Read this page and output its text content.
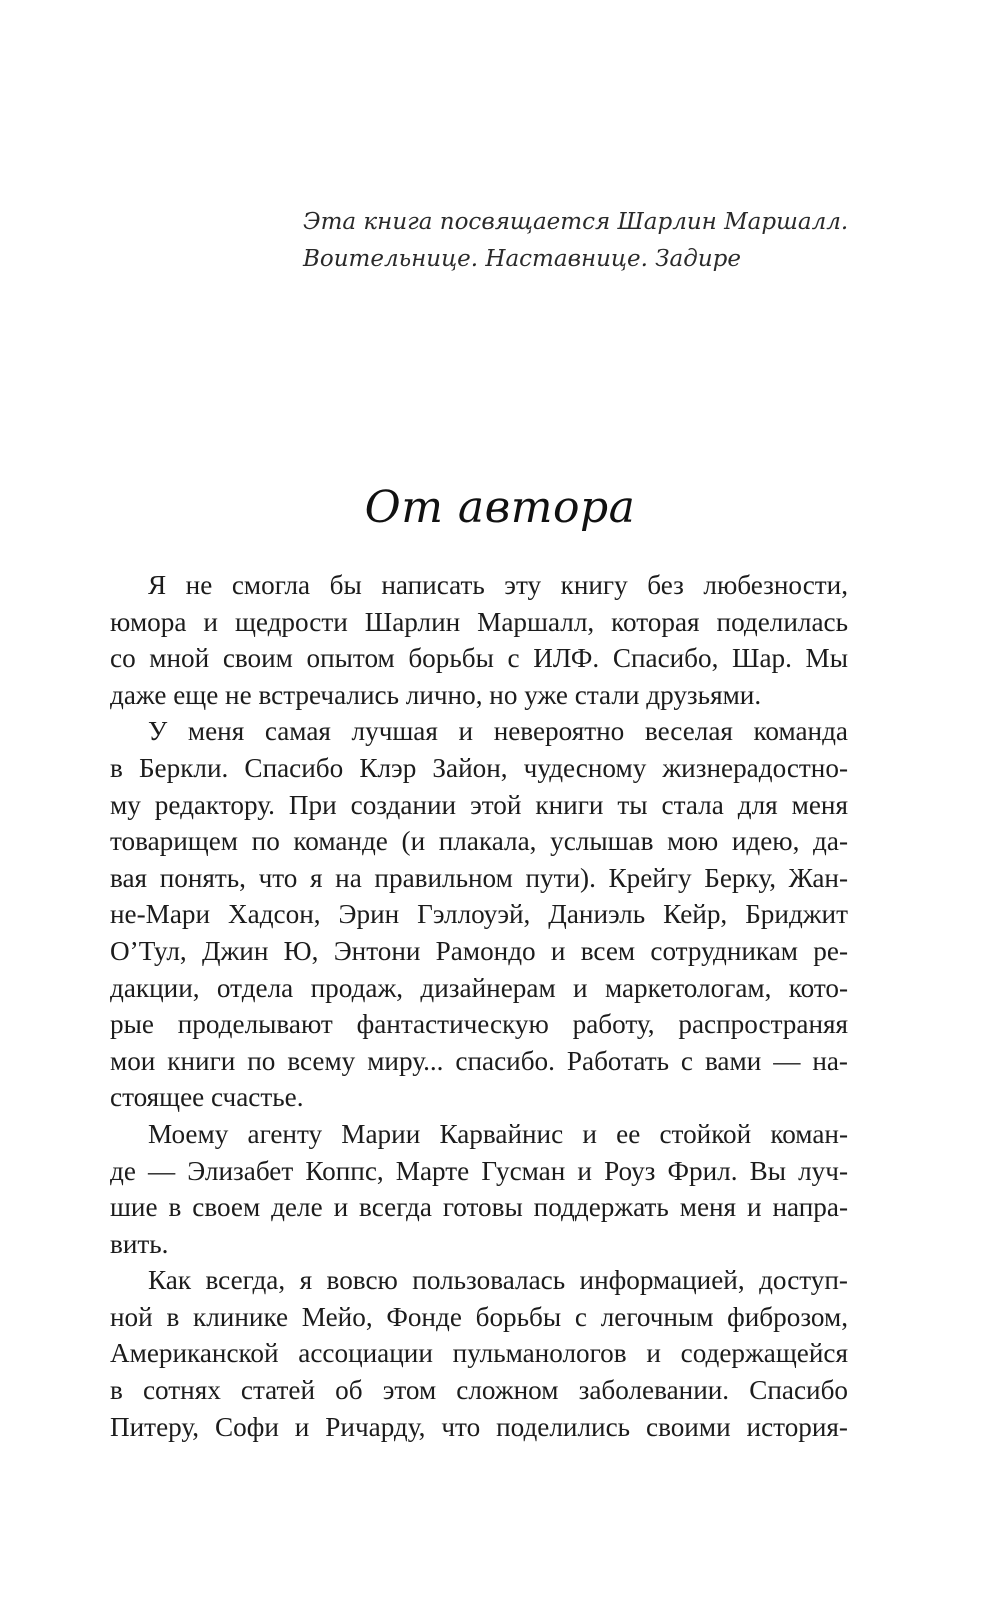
Эта книга посвящается Шарлин Маршалл.
Воительнице. Наставнице. Задире
От автора
Я не смогла бы написать эту книгу без любезности,
юмора и щедрости Шарлин Маршалл, которая поделилась
со мной своим опытом борьбы с ИЛФ. Спасибо, Шар. Мы
даже еще не встречались лично, но уже стали друзьями.
У меня самая лучшая и невероятно веселая команда
в Беркли. Спасибо Клэр Зайон, чудесному жизнерадостно-
му редактору. При создании этой книги ты стала для меня
товарищем по команде (и плакала, услышав мою идею, да-
вая понять, что я на правильном пути). Крейгу Берку, Жан-
не-Мари Хадсон, Эрин Гэллоуэй, Даниэль Кейр, Бриджит
О’Тул, Джин Ю, Энтони Рамондо и всем сотрудникам ре-
дакции, отдела продаж, дизайнерам и маркетологам, кото-
рые проделывают фантастическую работу, распространяя
мои книги по всему миру... спасибо. Работать с вами — на-
стоящее счастье.
Моему агенту Марии Карвайнис и ее стойкой коман-
де — Элизабет Коппс, Марте Гусман и Роуз Фрил. Вы луч-
шие в своем деле и всегда готовы поддержать меня и напра-
вить.
Как всегда, я вовсю пользовалась информацией, доступ-
ной в клинике Мейо, Фонде борьбы с легочным фиброзом,
Американской ассоциации пульманологов и содержащейся
в сотнях статей об этом сложном заболевании. Спасибо
Питеру, Софи и Ричарду, что поделились своими история-
